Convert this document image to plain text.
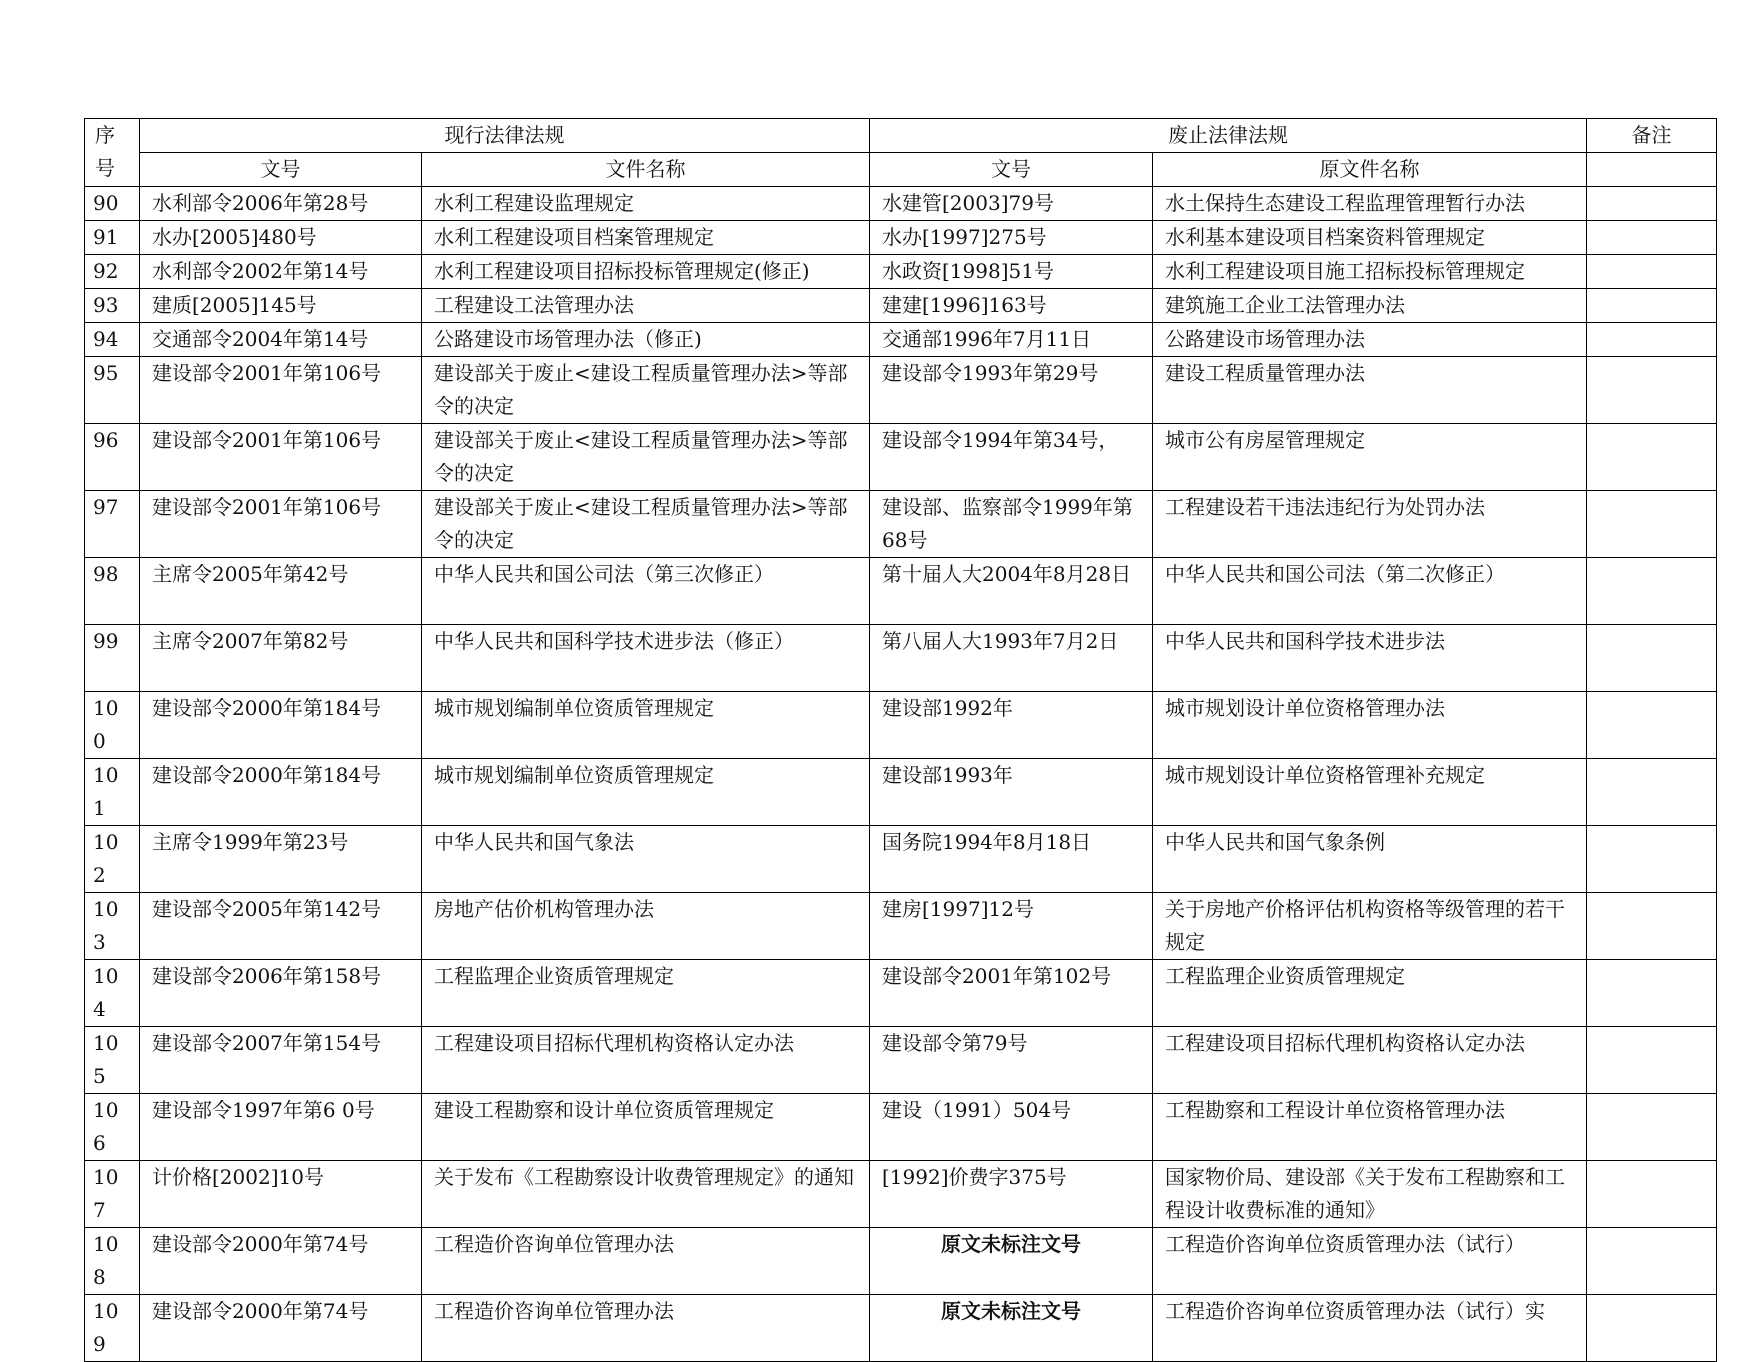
序号	现行法律法规		废止法律法规		备注
	文号	文件名称	文号	原文件名称	
90	水利部令2006年第28号	水利工程建设监理规定	水建管[2003]79号	水土保持生态建设工程监理管理暂行办法	
91	水办[2005]480号	水利工程建设项目档案管理规定	水办[1997]275号	水利基本建设项目档案资料管理规定	
92	水利部令2002年第14号	水利工程建设项目招标投标管理规定(修正)	水政资[1998]51号	水利工程建设项目施工招标投标管理规定	
93	建质[2005]145号	工程建设工法管理办法	建建[1996]163号	建筑施工企业工法管理办法	
94	交通部令2004年第14号	公路建设市场管理办法（修正)	交通部1996年7月11日	公路建设市场管理办法	
95	建设部令2001年第106号	建设部关于废止<建设工程质量管理办法>等部令的决定	建设部令1993年第29号	建设工程质量管理办法	
96	建设部令2001年第106号	建设部关于废止<建设工程质量管理办法>等部令的决定	建设部令1994年第34号，	城市公有房屋管理规定	
97	建设部令2001年第106号	建设部关于废止<建设工程质量管理办法>等部令的决定	建设部、监察部令1999年第68号	工程建设若干违法违纪行为处罚办法	
98	主席令2005年第42号	中华人民共和国公司法（第三次修正）	第十届人大2004年8月28日	中华人民共和国公司法（第二次修正）	
99	主席令2007年第82号	中华人民共和国科学技术进步法（修正）	第八届人大1993年7月2日	中华人民共和国科学技术进步法	
100	建设部令2000年第184号	城市规划编制单位资质管理规定	建设部1992年	城市规划设计单位资格管理办法	
101	建设部令2000年第184号	城市规划编制单位资质管理规定	建设部1993年	城市规划设计单位资格管理补充规定	
102	主席令1999年第23号	中华人民共和国气象法	国务院1994年8月18日	中华人民共和国气象条例	
103	建设部令2005年第142号	房地产估价机构管理办法	建房[1997]12号	关于房地产价格评估机构资格等级管理的若干规定	
104	建设部令2006年第158号	工程监理企业资质管理规定	建设部令2001年第102号	工程监理企业资质管理规定	
105	建设部令2007年第154号	工程建设项目招标代理机构资格认定办法	建设部令第79号	工程建设项目招标代理机构资格认定办法	
106	建设部令1997年第6 0号	建设工程勘察和设计单位资质管理规定	建设（1991）504号	工程勘察和工程设计单位资格管理办法	
107	计价格[2002]10号	关于发布《工程勘察设计收费管理规定》的通知	[1992]价费字375号	国家物价局、建设部《关于发布工程勘察和工程设计收费标准的通知》	
108	建设部令2000年第74号	工程造价咨询单位管理办法	原文未标注文号	工程造价咨询单位资质管理办法（试行）	
109	建设部令2000年第74号	工程造价咨询单位管理办法	原文未标注文号	工程造价咨询单位资质管理办法（试行）实	
